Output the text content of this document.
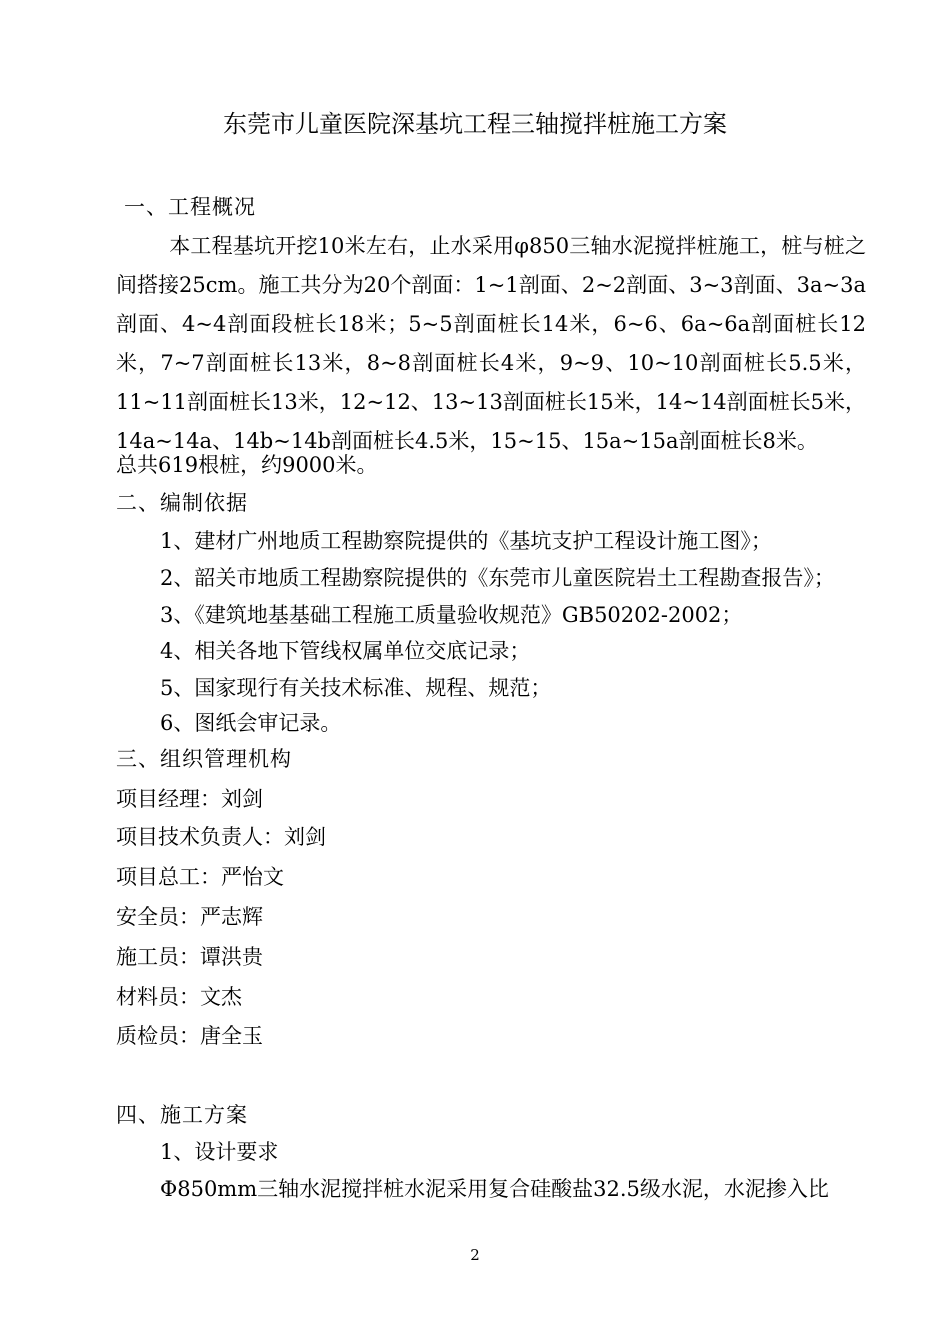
东莞市儿童医院深基坑工程三轴搅拌桩施工方案
一、工程概况

本工程基坑开挖10米左右，止水采用φ850三轴水泥搅拌桩施工，桩与桩之间搭接25cm。施工共分为20个剖面：1~1剖面、2~2剖面、3~3剖面、3a~3a剖面、4~4剖面段桩长18米；5~5剖面桩长14米，6~6、6a~6a剖面桩长12米，7~7剖面桩长13米，8~8剖面桩长4米，9~9、10~10剖面桩长5.5米，11~11剖面桩长13米，12~12、13~13剖面桩长15米，14~14剖面桩长5米，14a~14a、14b~14b剖面桩长4.5米，15~15、15a~15a剖面桩长8米。

总共619根桩，约9000米。
二、编制依据
1、建材广州地质工程勘察院提供的《基坑支护工程设计施工图》；
2、韶关市地质工程勘察院提供的《东莞市儿童医院岩土工程勘查报告》；
3、《建筑地基基础工程施工质量验收规范》GB50202-2002；
4、相关各地下管线权属单位交底记录；
5、国家现行有关技术标准、规程、规范；
6、图纸会审记录。
三、组织管理机构
项目经理：刘剑
项目技术负责人：刘剑
项目总工：严怡文
安全员：严志辉
施工员：谭洪贵
材料员：文杰
质检员：唐全玉
四、施工方案
1、设计要求
Φ850mm三轴水泥搅拌桩水泥采用复合硅酸盐32.5级水泥，水泥掺入比
2
